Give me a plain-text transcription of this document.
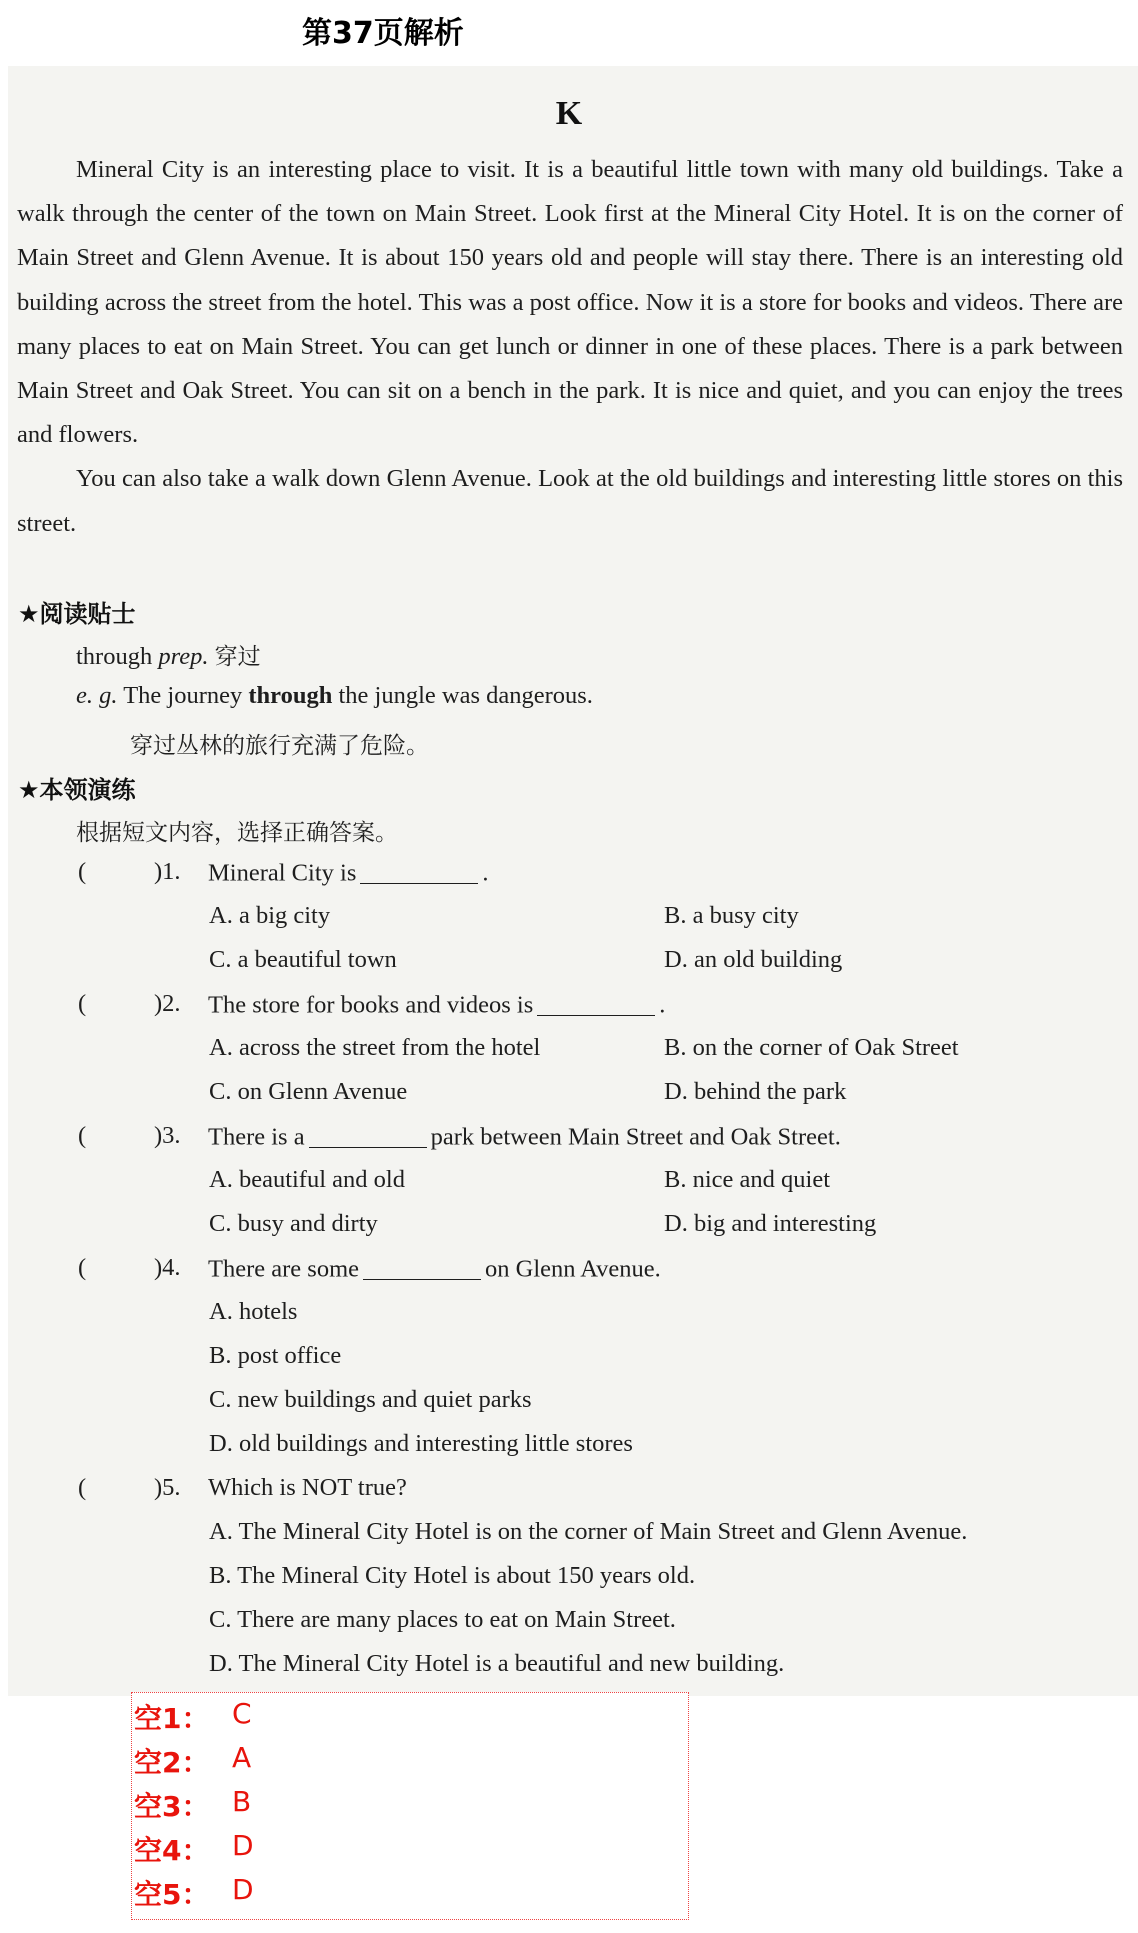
第37页解析
K

Mineral City is an interesting place to visit. It is a beautiful little town with many old buildings. Take a walk through the center of the town on Main Street. Look first at the Mineral City Hotel. It is on the corner of Main Street and Glenn Avenue. It is about 150 years old and people will stay there. There is an interesting old building across the street from the hotel. This was a post office. Now it is a store for books and videos. There are many places to eat on Main Street. You can get lunch or dinner in one of these places. There is a park between Main Street and Oak Street. You can sit on a bench in the park. It is nice and quiet, and you can enjoy the trees and flowers.

You can also take a walk down Glenn Avenue. Look at the old buildings and interesting little stores on this street.

★阅读贴士
through prep. 穿过
e. g. The journey through the jungle was dangerous.
穿过丛林的旅行充满了危险。
★本领演练
根据短文内容，选择正确答案。
(	)1. Mineral City is	.
A. a big city	B. a busy city
C. a beautiful town	D. an old building
(	)2. The store for books and videos is	.
A. across the street from the hotel	B. on the corner of Oak Street
C. on Glenn Avenue	D. behind the park
(	)3. There is a	park between Main Street and Oak Street.
A. beautiful and old	B. nice and quiet
C. busy and dirty	D. big and interesting
(	)4. There are some	on Glenn Avenue.
A. hotels
B. post office
C. new buildings and quiet parks
D. old buildings and interesting little stores
(	)5. Which is NOT true?
A. The Mineral City Hotel is on the corner of Main Street and Glenn Avenue.
B. The Mineral City Hotel is about 150 years old.
C. There are many places to eat on Main Street.
D. The Mineral City Hotel is a beautiful and new building.
空1： C
空2： A
空3： B
空4： D
空5： D
